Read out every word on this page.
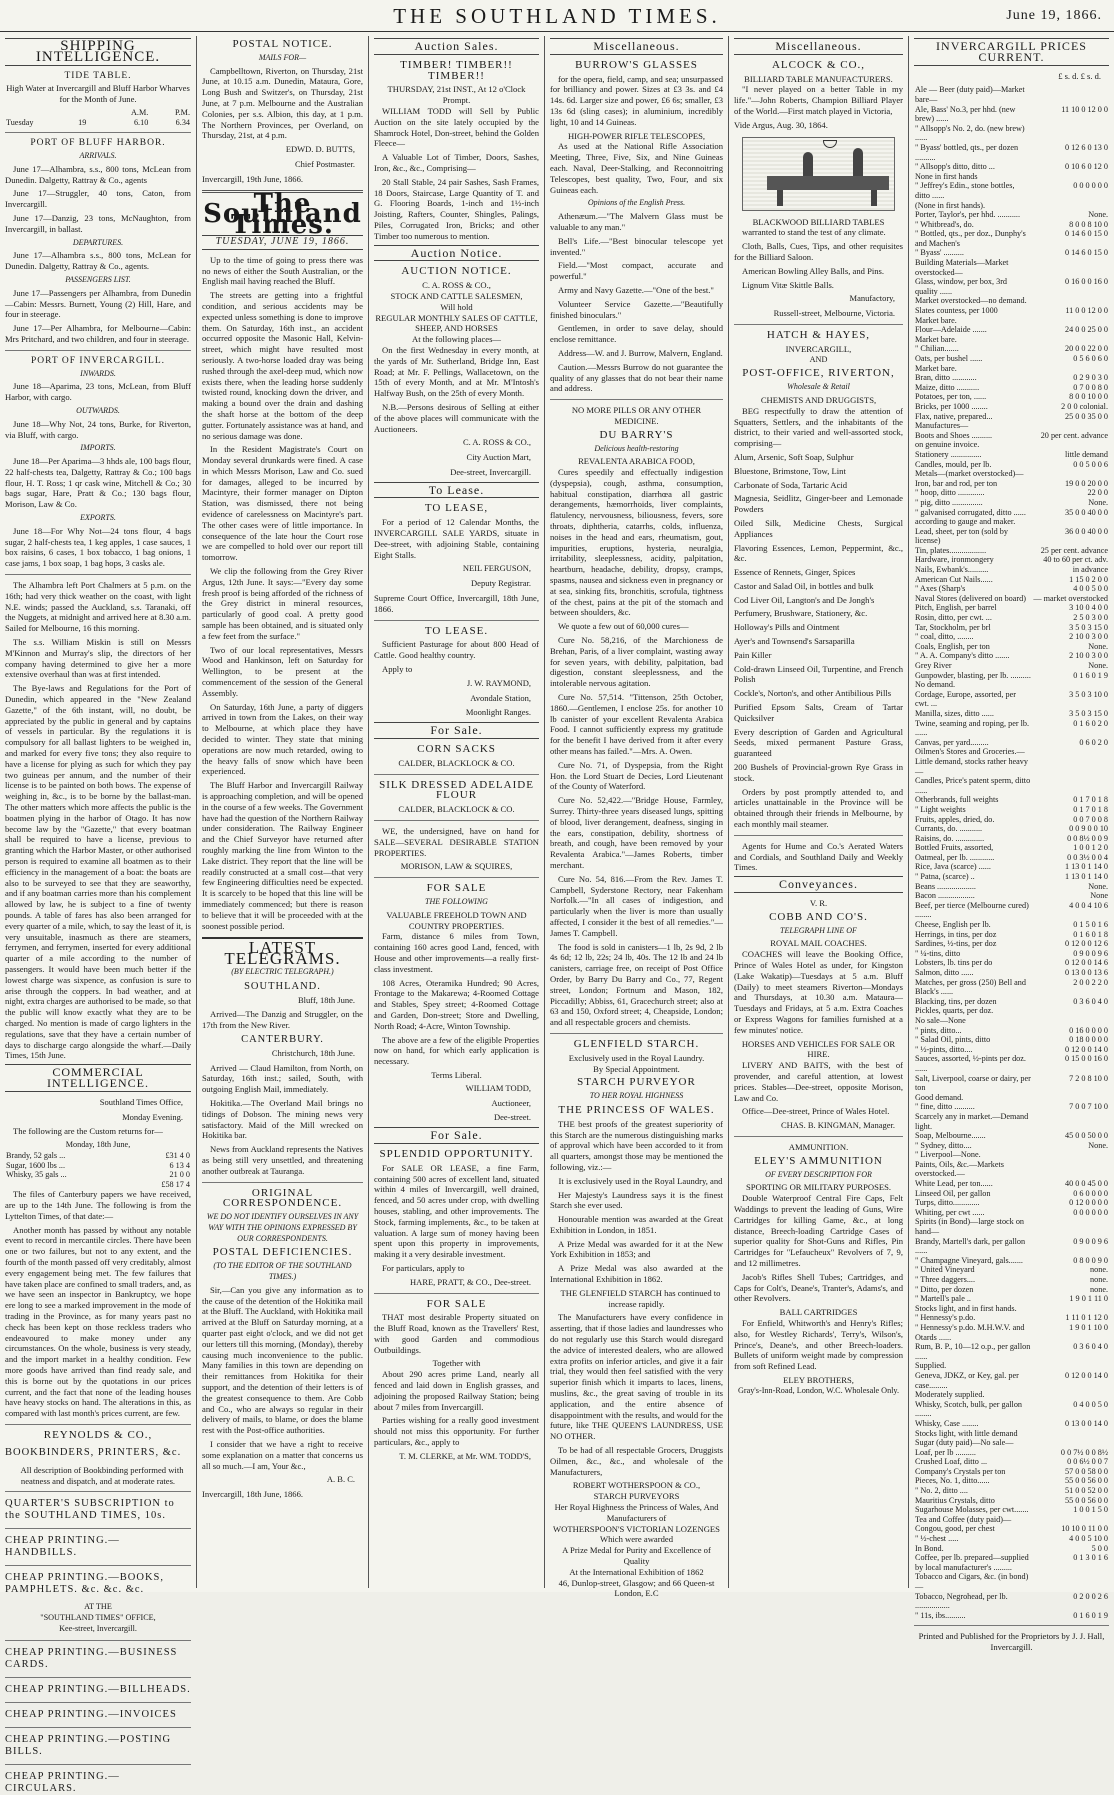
THE SOUTHLAND TIMES.	June 19, 1866.
SHIPPING INTELLIGENCE.
TIDE TABLE.

High Water at Invercargill and Bluff Harbor Wharves for the Month of June.

		A.M.	P.M.
Tuesday	19	6.10	6.34
PORT OF BLUFF HARBOR.
ARRIVALS.

June 17—Alhambra, s.s., 800 tons, McLean from Dunedin. Dalgetty, Rattray & Co., agents

June 17—Struggler, 40 tons, Caton, from Invercargill.

June 17—Danzig, 23 tons, McNaughton, from Invercargill, in ballast.

DEPARTURES.

June 17—Alhambra s.s., 800 tons, McLean for Dunedin. Dalgetty, Rattray & Co., agents.

PASSENGERS LIST.

June 17—Passengers per Alhambra, from Dunedin—Cabin: Messrs. Burnett, Young (2) Hill, Hare, and four in steerage.

June 17—Per Alhambra, for Melbourne—Cabin: Mrs Pritchard, and two children, and four in steerage.

PORT OF INVERCARGILL.
INWARDS.

June 18—Aparima, 23 tons, McLean, from Bluff Harbor, with cargo.

OUTWARDS.

June 18—Why Not, 24 tons, Burke, for Riverton, via Bluff, with cargo.

IMPORTS.

June 18—Per Aparima—3 hhds ale, 100 bags flour, 22 half-chests tea, Dalgetty, Rattray & Co.; 100 bags flour, H. T. Ross; 1 qr cask wine, Mitchell & Co.; 30 bags sugar, Hare, Pratt & Co.; 130 bags flour, Morison, Law & Co.

EXPORTS.

June 18—For Why Not—24 tons flour, 4 bags sugar, 2 half-chests tea, 1 keg apples, 1 case sauces, 1 box raisins, 6 cases, 1 box tobacco, 1 bag onions, 1 case jams, 1 box soap, 1 bag hops, 3 casks ale.

The Alhambra left Port Chalmers at 5 p.m. on the 16th; had very thick weather on the coast, with light N.E. winds; passed the Auckland, s.s. Taranaki, off the Nuggets, at midnight and arrived here at 8.30 a.m. Sailed for Melbourne, 16 this morning.

The s.s. William Miskin is still on Messrs M'Kinnon and Murray's slip, the directors of her company having determined to give her a more extensive overhaul than was at first intended.

The Bye-laws and Regulations for the Port of Dunedin, which appeared in the "New Zealand Gazette," of the 6th instant, will, no doubt, be appreciated by the public in general and by captains of vessels in particular. By the regulations it is compulsory for all ballast lighters to be weighed in, and marked for every five tons; they also require to have a license for plying as such for which they pay two guineas per annum, and the number of their license is to be painted on both bows. The expense of weighing in, &c., is to be borne by the ballast-man. The other matters which more affects the public is the boatmen plying in the harbor of Otago. It has now become law by the "Gazette," that every boatman shall be required to have a license, previous to granting which the Harbor Master, or other authorised person is required to examine all boatmen as to their efficiency in the management of a boat: the boats are also to be surveyed to see that they are seaworthy, and if any boatman carries more than his complement allowed by law, he is subject to a fine of twenty pounds. A table of fares has also been arranged for every quarter of a mile, which, to say the least of it, is very unsuitable, inasmuch as there are steamers, ferrymen, and ferrymen, inserted for every additional quarter of a mile according to the number of passengers. It would have been much better if the lowest charge was sixpence, as confusion is sure to arise through the coppers. In bad weather, and at night, extra charges are authorised to be made, so that the public will know exactly what they are to be charged. No mention is made of cargo lighters in the regulations, save that they have a certain number of days to discharge cargo alongside the wharf.—Daily Times, 15th June.

COMMERCIAL INTELLIGENCE.
Southland Times Office,
Monday Evening.

The following are the Custom returns for—

Monday, 18th June,
Brandy, 52 gals ...	£31 4 0
Sugar, 1600 lbs ...	6 13 4
Whisky, 35 gals ...	21 0 0
	£58 17 4

The files of Canterbury papers we have received, are up to the 14th June. The following is from the Lyttelton Times, of that date:—

Another month has passed by without any notable event to record in mercantile circles. There have been one or two failures, but not to any extent, and the fourth of the month passed off very creditably, almost every engagement being met. The few failures that have taken place are confined to small traders, and, as we have seen an inspector in Bankruptcy, we hope ere long to see a marked improvement in the mode of trading in the Province, as for many years past no check has been kept on those reckless traders who endeavoured to make money under any circumstances. On the whole, business is very steady, and the import market in a healthy condition. Few more goods have arrived than find ready sale, and this is borne out by the quotations in our prices current, and the fact that none of the leading houses have heavy stocks on hand. The alterations in this, as compared with last month's prices current, are few.

REYNOLDS & CO.,
BOOKBINDERS, PRINTERS, &c.

All description of Bookbinding performed with neatness and dispatch, and at moderate rates.

QUARTER'S SUBSCRIPTION to the SOUTHLAND TIMES, 10s.
CHEAP PRINTING.—HANDBILLS.
CHEAP PRINTING.—BOOKS, PAMPHLETS. &c. &c. &c.
AT THE
"SOUTHLAND TIMES" OFFICE,
Kee-street, Invercargill.
CHEAP PRINTING.—BUSINESS CARDS.
CHEAP PRINTING.—BILLHEADS.
CHEAP PRINTING.—INVOICES
CHEAP PRINTING.—POSTING BILLS.
CHEAP PRINTING.—CIRCULARS.
POSTAL NOTICE.
MAILS FOR—

Campbelltown, Riverton, on Thursday, 21st June, at 10.15 a.m. Dunedin, Mataura, Gore, Long Bush and Switzer's, on Thursday, 21st June, at 7 p.m. Melbourne and the Australian Colonies, per s.s. Albion, this day, at 1 p.m. The Northern Provinces, per Overland, on Thursday, 21st, at 4 p.m.

EDWD. D. BUTTS,
Chief Postmaster.

Invercargill, 19th June, 1866.

The Southland Times.
TUESDAY, JUNE 19, 1866.

Up to the time of going to press there was no news of either the South Australian, or the English mail having reached the Bluff.

The streets are getting into a frightful condition, and serious accidents may be expected unless something is done to improve them. On Saturday, 16th inst., an accident occurred opposite the Masonic Hall, Kelvin-street, which might have resulted most seriously. A two-horse loaded dray was being rushed through the axel-deep mud, which now exists there, when the leading horse suddenly twisted round, knocking down the driver, and making a bound over the drain and dashing the shaft horse at the bottom of the deep gutter. Fortunately assistance was at hand, and no serious damage was done.

In the Resident Magistrate's Court on Monday several drunkards were fined. A case in which Messrs Morison, Law and Co. sued for damages, alleged to be incurred by Macintyre, their former manager on Dipton Station, was dismissed, there not being evidence of carelessness on Macintyre's part. The other cases were of little importance. In consequence of the late hour the Court rose we are compelled to hold over our report till tomorrow.

We clip the following from the Grey River Argus, 12th June. It says:—"Every day some fresh proof is being afforded of the richness of the Grey district in mineral resources, particularly of good coal. A pretty good sample has been obtained, and is situated only a few feet from the surface."

Two of our local representatives, Messrs Wood and Hankinson, left on Saturday for Wellington, to be present at the commencement of the session of the General Assembly.

On Saturday, 16th June, a party of diggers arrived in town from the Lakes, on their way to Melbourne, at which place they have decided to winter. They state that mining operations are now much retarded, owing to the heavy falls of snow which have been experienced.

The Bluff Harbor and Invercargill Railway is approaching completion, and will be opened in the course of a few weeks. The Government have had the question of the Northern Railway under consideration. The Railway Engineer and the Chief Surveyor have returned after roughly marking the line from Winton to the Lake district. They report that the line will be readily constructed at a small cost—that very few Engineering difficulties need be expected. It is scarcely to be hoped that this line will be immediately commenced; but there is reason to believe that it will be proceeded with at the soonest possible period.

LATEST TELEGRAMS.
(BY ELECTRIC TELEGRAPH.)
SOUTHLAND.
Bluff, 18th June.

Arrived—The Danzig and Struggler, on the 17th from the New River.

CANTERBURY.
Christchurch, 18th June.

Arrived — Claud Hamilton, from North, on Saturday, 16th inst.; sailed, South, with outgoing English Mail, immediately.

Hokitika.—The Overland Mail brings no tidings of Dobson. The mining news very satisfactory. Maid of the Mill wrecked on Hokitika bar.

News from Auckland represents the Natives as being still very unsettled, and threatening another outbreak at Tauranga.

ORIGINAL CORRESPONDENCE.
WE DO NOT IDENTIFY OURSELVES IN ANY WAY WITH THE OPINIONS EXPRESSED BY OUR CORRESPONDENTS.
POSTAL DEFICIENCIES.
(TO THE EDITOR OF THE SOUTHLAND TIMES.)

Sir,—Can you give any information as to the cause of the detention of the Hokitika mail at the Bluff. The Auckland, with Hokitika mail arrived at the Bluff on Saturday morning, at a quarter past eight o'clock, and we did not get our letters till this morning, (Monday), thereby causing much inconvenience to the public. Many families in this town are depending on their remittances from Hokitika for their support, and the detention of their letters is of the greatest consequence to them. Are Cobb and Co., who are always so regular in their delivery of mails, to blame, or does the blame rest with the Post-office authorities.

I consider that we have a right to receive some explanation on a matter that concerns us all so much.—I am, Your &c.,

A. B. C.

Invercargill, 18th June, 1866.

Auction Sales.
TIMBER! TIMBER!! TIMBER!!
THURSDAY, 21st INST., At 12 o'Clock Prompt.

WILLIAM TODD will Sell by Public Auction on the site lately occupied by the Shamrock Hotel, Don-street, behind the Golden Fleece—

A Valuable Lot of Timber, Doors, Sashes, Iron, &c., &c., Comprising—

20 Stall Stable, 24 pair Sashes, Sash Frames, 18 Doors, Staircase, Large Quantity of T. and G. Flooring Boards, 1-inch and 1½-inch Joisting, Rafters, Counter, Shingles, Palings, Piles, Corrugated Iron, Bricks; and other Timber too numerous to mention.

Auction Notice.
AUCTION NOTICE.
C. A. ROSS & CO.,
STOCK AND CATTLE SALESMEN,
Will hold
REGULAR MONTHLY SALES OF CATTLE, SHEEP, AND HORSES
At the following places—

On the first Wednesday in every month, at the yards of Mr. Sutherland, Bridge Inn, East Road; at Mr. F. Pellings, Wallacetown, on the 15th of every Month, and at Mr. M'Intosh's Halfway Bush, on the 25th of every Month.

N.B.—Persons desirous of Selling at either of the above places will communicate with the Auctioneers.

C. A. ROSS & CO.,
City Auction Mart,
Dee-street, Invercargill.
To Lease.
TO LEASE,

For a period of 12 Calendar Months, the INVERCARGILL SALE YARDS, situate in Dee-street, with adjoining Stable, containing Eight Stalls.

NEIL FERGUSON,
Deputy Registrar.

Supreme Court Office, Invercargill, 18th June, 1866.

TO LEASE.

Sufficient Pasturage for about 800 Head of Cattle. Good healthy country.

Apply to

J. W. RAYMOND,
Avondale Station,
Moonlight Ranges.
For Sale.
CORN SACKS
CALDER, BLACKLOCK & CO.
SILK DRESSED ADELAIDE FLOUR
CALDER, BLACKLOCK & CO.

WE, the undersigned, have on hand for SALE—SEVERAL DESIRABLE STATION PROPERTIES.

MORISON, LAW & SQUIRES,
FOR SALE
THE FOLLOWING
VALUABLE FREEHOLD TOWN AND COUNTRY PROPERTIES.

Farm, distance 6 miles from Town, containing 160 acres good Land, fenced, with House and other improvements—a really first-class investment.

108 Acres, Oteramika Hundred; 90 Acres, Frontage to the Makarewa; 4-Roomed Cottage and Stables, Spey street; 4-Roomed Cottage and Garden, Don-street; Store and Dwelling, North Road; 4-Acre, Winton Township.

The above are a few of the eligible Properties now on hand, for which early application is necessary.

Terms Liberal.
WILLIAM TODD,
Auctioneer,
Dee-street.
For Sale.
SPLENDID OPPORTUNITY.

For SALE OR LEASE, a fine Farm, containing 500 acres of excellent land, situated within 4 miles of Invercargill, well drained, fenced, and 50 acres under crop, with dwelling houses, stabling, and other improvements. The Stock, farming implements, &c., to be taken at valuation. A large sum of money having been spent upon this property in improvements, making it a very desirable investment.

For particulars, apply to

HARE, PRATT, & CO., Dee-street.
FOR SALE

THAT most desirable Property situated on the Bluff Road, known as the Travellers' Rest, with good Garden and commodious Outbuildings.

Together with

About 290 acres prime Land, nearly all fenced and laid down in English grasses, and adjoining the proposed Railway Station; being about 7 miles from Invercargill.

Parties wishing for a really good investment should not miss this opportunity. For further particulars, &c., apply to

T. M. CLERKE, at Mr. WM. TODD'S,
Miscellaneous.
BURROW'S GLASSES

for the opera, field, camp, and sea; unsurpassed for brilliancy and power. Sizes at £3 3s. and £4 14s. 6d. Larger size and power, £6 6s; smaller, £3 13s 6d (sling cases); in aluminium, incredibly light, 10 and 14 Guineas.

HIGH-POWER RIFLE TELESCOPES,

As used at the National Rifle Association Meeting, Three, Five, Six, and Nine Guineas each. Naval, Deer-Stalking, and Reconnoitring Telescopes, best quality, Two, Four, and six Guineas each.

Opinions of the English Press.

Athenæum.—"The Malvern Glass must be valuable to any man."

Bell's Life.—"Best binocular telescope yet invented."

Field.—"Most compact, accurate and powerful."

Army and Navy Gazette.—"One of the best."

Volunteer Service Gazette.—"Beautifully finished binoculars."

Gentlemen, in order to save delay, should enclose remittance.

Address—W. and J. Burrow, Malvern, England.

Caution.—Messrs Burrow do not guarantee the quality of any glasses that do not bear their name and address.

NO MORE PILLS OR ANY OTHER MEDICINE.
DU BARRY'S
Delicious health-restoring
REVALENTA ARABICA FOOD,

Cures speedily and effectually indigestion (dyspepsia), cough, asthma, consumption, habitual constipation, diarrhœa all gastric derangements, hæmorrhoids, liver complaints, flatulency, nervousness, biliousness, fevers, sore throats, diphtheria, catarrhs, colds, influenza, noises in the head and ears, rheumatism, gout, impurities, eruptions, hysteria, neuralgia, irritability, sleeplessness, acidity, palpitation, heartburn, headache, debility, dropsy, cramps, spasms, nausea and sickness even in pregnancy or at sea, sinking fits, bronchitis, scrofula, tightness of the chest, pains at the pit of the stomach and between shoulders, &c.

We quote a few out of 60,000 cures—

Cure No. 58,216, of the Marchioness de Brehan, Paris, of a liver complaint, wasting away for seven years, with debility, palpitation, bad digestion, constant sleeplessness, and the intolerable nervous agitation.

Cure No. 57,514. "Tittenson, 25th October, 1860.—Gentlemen, I enclose 25s. for another 10 lb canister of your excellent Revalenta Arabica Food. I cannot sufficiently express my gratitude for the benefit I have derived from it after every other means has failed."—Mrs. A. Owen.

Cure No. 71, of Dyspepsia, from the Right Hon. the Lord Stuart de Decies, Lord Lieutenant of the County of Waterford.

Cure No. 52,422.—"Bridge House, Farmley, Surrey. Thirty-three years diseased lungs, spitting of blood, liver derangement, deafness, singing in the ears, constipation, debility, shortness of breath, and cough, have been removed by your Revalenta Arabica."—James Roberts, timber merchant.

Cure No. 54, 816.—From the Rev. James T. Campbell, Syderstone Rectory, near Fakenham Norfolk.—"In all cases of indigestion, and particularly when the liver is more than usually affected, I consider it the best of all remedies."—James T. Campbell.

The food is sold in canisters—1 lb, 2s 9d, 2 lb 4s 6d; 12 lb, 22s; 24 lb, 40s. The 12 lb and 24 lb canisters, carriage free, on receipt of Post Office Order, by Barry Du Barry and Co., 77, Regent street, London; Fortnum and Mason, 182, Piccadilly; Abbiss, 61, Gracechurch street; also at 63 and 150, Oxford street; 4, Cheapside, London; and all respectable grocers and chemists.

GLENFIELD STARCH.
Exclusively used in the Royal Laundry.
By Special Appointment.
STARCH PURVEYOR
TO HER ROYAL HIGHNESS
THE PRINCESS OF WALES.

THE best proofs of the greatest superiority of this Starch are the numerous distinguishing marks of approval which have been accorded to it from all quarters, amongst those may be mentioned the following, viz.:—

It is exclusively used in the Royal Laundry, and

Her Majesty's Laundress says it is the finest Starch she ever used.

Honourable mention was awarded at the Great Exhibition in London, in 1851.

A Prize Medal was awarded for it at the New York Exhibition in 1853; and

A Prize Medal was also awarded at the International Exhibition in 1862.

THE GLENFIELD STARCH has continued to increase rapidly.

The Manufacturers have every confidence in asserting, that if those ladies and laundresses who do not regularly use this Starch would disregard the advice of interested dealers, who are allowed extra profits on inferior articles, and give it a fair trial, they would then feel satisfied with the very superior finish which it imparts to laces, linens, muslins, &c., the great saving of trouble in its application, and the entire absence of disappointment with the results, and would for the future, like THE QUEEN'S LAUNDRESS, USE NO OTHER.

To be had of all respectable Grocers, Druggists Oilmen, &c., &c., and wholesale of the Manufacturers,

ROBERT WOTHERSPOON & CO.,
STARCH PURVEYORS
Her Royal Highness the Princess of Wales, And Manufacturers of
WOTHERSPOON'S VICTORIAN LOZENGES
Which were awarded
A Prize Medal for Purity and Excellence of Quality
At the International Exhibition of 1862
46, Dunlop-street, Glasgow; and 66 Queen-st London, E.C
Miscellaneous.
ALCOCK & CO.,
BILLIARD TABLE MANUFACTURERS.

"I never played on a better Table in my life."—John Roberts, Champion Billiard Player of the World.—First match played in Victoria,

Vide Argus, Aug. 30, 1864.

BLACKWOOD BILLIARD TABLES

warranted to stand the test of any climate.

Cloth, Balls, Cues, Tips, and other requisites for the Billiard Saloon.

American Bowling Alley Balls, and Pins.

Lignum Vitæ Skittle Balls.

Manufactory,
Russell-street, Melbourne, Victoria.
HATCH & HAYES,
INVERCARGILL,
AND
POST-OFFICE, RIVERTON,
Wholesale & Retail
CHEMISTS AND DRUGGISTS,

BEG respectfully to draw the attention of Squatters, Settlers, and the inhabitants of the district, to their varied and well-assorted stock, comprising—

Alum, Arsenic, Soft Soap, Sulphur

Bluestone, Brimstone, Tow, Lint

Carbonate of Soda, Tartaric Acid

Magnesia, Seidlitz, Ginger-beer and Lemonade Powders

Oiled Silk, Medicine Chests, Surgical Appliances

Flavoring Essences, Lemon, Peppermint, &c., &c.

Essence of Rennets, Ginger, Spices

Castor and Salad Oil, in bottles and bulk

Cod Liver Oil, Langton's and De Jongh's

Perfumery, Brushware, Stationery, &c.

Holloway's Pills and Ointment

Ayer's and Townsend's Sarsaparilla

Pain Killer

Cold-drawn Linseed Oil, Turpentine, and French Polish

Cockle's, Norton's, and other Antibilious Pills

Purified Epsom Salts, Cream of Tartar Quicksilver

Every description of Garden and Agricultural Seeds, mixed permanent Pasture Grass, guaranteed

200 Bushels of Provincial-grown Rye Grass in stock.

Orders by post promptly attended to, and articles unattainable in the Province will be obtained through their friends in Melbourne, by each monthly mail steamer.

Agents for Hume and Co.'s Aerated Waters and Cordials, and Southland Daily and Weekly Times.

Conveyances.
V. R.
COBB AND CO'S.
TELEGRAPH LINE OF
ROYAL MAIL COACHES.

COACHES will leave the Booking Office, Prince of Wales Hotel as under, for Kingston (Lake Wakatip)—Tuesdays at 5 a.m. Bluff (Daily) to meet steamers Riverton—Mondays and Thursdays, at 10.30 a.m. Mataura—Tuesdays and Fridays, at 5 a.m. Extra Coaches or Express Wagons for families furnished at a few minutes' notice.

HORSES AND VEHICLES FOR SALE OR HIRE.

LIVERY AND BAITS, with the best of provender, and careful attention, at lowest prices. Stables—Dee-street, opposite Morison, Law and Co.

Office—Dee-street, Prince of Wales Hotel.

CHAS. B. KINGMAN, Manager.
AMMUNITION.
ELEY'S AMMUNITION
OF EVERY DESCRIPTION FOR
SPORTING OR MILITARY PURPOSES.

Double Waterproof Central Fire Caps, Felt Waddings to prevent the leading of Guns, Wire Cartridges for killing Game, &c., at long distance, Breech-loading Cartridge Cases of superior quality for Shot-Guns and Rifles, Pin Cartridges for "Lefaucheux" Revolvers of 7, 9, and 12 millimetres.

Jacob's Rifles Shell Tubes; Cartridges, and Caps for Colt's, Deane's, Tranter's, Adams's, and other Revolvers.

BALL CARTRIDGES

For Enfield, Whitworth's and Henry's Rifles; also, for Westley Richards', Terry's, Wilson's, Prince's, Deane's, and other Breech-loaders. Bullets of uniform weight made by compression from soft Refined Lead.

ELEY BROTHERS,
Gray's-Inn-Road, London, W.C. Wholesale Only.
INVERCARGILL PRICES CURRENT.
£ s. d. £ s. d.
Ale — Beer (duty paid)—Market bare—	
Ale, Bass' No.3, per hhd. (new brew) ......	11 10 0 12 0 0
" Allsopp's No. 2, do. (new brew) ......	
" Byass' bottled, qts., per dozen ..........	0 12 6 0 13 0
" Allsopp's ditto, ditto ...	0 10 6 0 12 0
None in first hands	
" Jeffrey's Edin., stone bottles, ditto ......	0 0 0 0 0 0
(None in first hands).	
Porter, Taylor's, per hhd. ...........	None.
" Whitbread's, do.	8 0 0 8 10 0
" Bottled, qts., per doz., Dunphy's and Machen's	0 14 6 0 15 0
" Byass' ..........	0 14 6 0 15 0
Building Materials—Market overstocked—	
Glass, window, per box, 3rd quality ......	0 16 0 0 16 0
Market overstocked—no demand.	
Slates countess, per 1000	11 0 0 12 0 0
Market bare.	
Flour—Adelaide .......	24 0 0 25 0 0
Market bare.	
" Chilian.......	20 0 0 22 0 0
Oats, per bushel ......	0 5 6 0 6 0
Market bare.	
Bran, ditto ............	0 2 9 0 3 0
Maize, ditto ...........	0 7 0 0 8 0
Potatoes, per ton, ......	8 0 0 10 0 0
Bricks, per 1000 ........	2 0 0 colonial.
Flax, native, prepared...	25 0 0 35 0 0
Manufactures—	
Boots and Shoes ..........	20 per cent. advance
on genuine invoice.	
Stationery ...............	little demand
Candles, mould, per lb.	0 0 5 0 0 6
Metals—(market overstocked)—	
Iron, bar and rod, per ton	19 0 0 20 0 0
" hoop, ditto .............	22 0 0
" pig, ditto ...............	None.
" galvanised corrugated, ditto ......	35 0 0 40 0 0
according to gauge and maker.	
Lead, sheet, per ton (sold by license)	36 0 0 40 0 0
Tin, plates..................	25 per cent. advance
Hardware, ironmongery	40 to 60 per ct. adv.
Nails, Ewbank's..........	in advance
American Cut Nails......	1 15 0 2 0 0
" Axes (Sharp's	4 0 0 5 0 0
Naval Stores (delivered on board)	— market overstocked
Pitch, English, per barrel	3 10 0 4 0 0
Rosin, ditto, per cwt. ...	2 5 0 3 0 0
Tar, Stockholm, per brl	3 5 0 3 15 0
" coal, ditto, ........	2 10 0 3 0 0
Coals, English, per ton	None.
" A. A. Company's ditto .......	2 10 0 3 0 0
Grey River	None.
Gunpowder, blasting, per lb. ..........	0 1 6 0 1 9
No demand.	
Cordage, Europe, assorted, per cwt. ...	3 5 0 3 10 0
Manilla, sizes, ditto ......	3 5 0 3 15 0
Twine, seaming and roping, per lb. ......	0 1 6 0 2 0
Canvas, per yard.........	0 6 0 2 0
Oilmen's Stores and Groceries.—Little demand, stocks rather heavy—	
Candles, Price's patent sperm, ditto ......	
Otherbrands, full weights	0 1 7 0 1 8
" Light weights	0 1 7 0 1 8
Fruits, apples, dried, do.	0 0 7 0 0 8
Currants, do. ...........	0 0 9 0 0 10
Raisins, do. ..............	0 0 8½ 0 0 9
Bottled Fruits, assorted,	1 0 0 1 2 0
Oatmeal, per lb. ............	0 0 3½ 0 0 4
Rice, Java (scarce) ......	1 13 0 1 14 0
" Patna, (scarce) ..	1 13 0 1 14 0
Beans ...................	None.
Bacon ..................	None
Beef, per tierce (Melbourne cured) ........	4 0 0 4 10 6
Cheese, English per lb.	0 1 5 0 1 6
Herrings, in tins, per doz	0 1 6 0 1 8
Sardines, ½-tins, per doz	0 12 0 0 12 6
" ¼-tins, ditto	0 9 0 0 9 6
Lobsters, lb. tins per do	0 12 0 0 14 6
Salmon, ditto ......	0 13 0 0 13 6
Matches, per gross (250) Bell and Black's ......	2 0 0 2 2 0
Blacking, tins, per dozen	0 3 6 0 4 0
Pickles, quarts, per doz.	
No sale—None	
" pints, ditto...	0 16 0 0 0 0
" Salad Oil, pints, ditto	0 18 0 0 0 0
" ½-pints, ditto....	0 12 0 0 14 0
Sauces, assorted, ½-pints per doz. ......	0 15 0 0 16 0
Salt, Liverpool, coarse or dairy, per ton	7 2 0 8 10 0
Good demand.	
" fine, ditto ..........	7 0 0 7 10 0
Scarcely any in market.—Demand light.	
Soap, Melbourne.......	45 0 0 50 0 0
" Sydney, ditto....	None.
" Liverpool—None.	
Paints, Oils, &c.—Markets overstocked.—	
White Lead, per ton......	40 0 0 45 0 0
Linseed Oil, per gallon	0 6 0 0 0 0
Turps, ditto.............	0 12 0 0 0 0
Whiting, per cwt ......	0 0 0 0 0 0
Spirits (in Bond)—large stock on hand—	
Brandy, Martell's dark, per gallon ......	0 9 0 0 9 6
" Champagne Vineyard, gals.......	0 8 0 0 9 0
" United Vineyard	none.
" Three daggers....	none.
" Ditto, per dozen	none.
" Martell's pale ..	1 9 0 1 11 0
Stocks light, and in first hands.	
" Hennessy's p.do.	1 11 0 1 12 0
" Hennessy's p.do. M.H.W.V. and Otards ......	1 9 0 1 10 0
Rum, B. P., 10—12 o.p., per gallon ......	0 3 6 0 4 0
Supplied.	
Geneva, JDKZ, or Key, gal. per case.........	0 12 0 0 14 0
Moderately supplied.	
Whisky, Scotch, bulk, per gallon ........	0 4 0 0 5 0
Whisky, Case ........	0 13 0 0 14 0
Stocks light, with little demand	
Sugar (duty paid)—No sale—	
Loaf, per lb ..........	0 0 7½ 0 0 8½
Crushed Loaf, ditto ...	0 0 6½ 0 0 7
Company's Crystals per ton	57 0 0 58 0 0
Pieces, No. 1, ditto......	55 0 0 56 0 0
" No. 2, ditto ....	51 0 0 52 0 0
Mauritius Crystals, ditto	55 0 0 56 0 0
Sugarhouse Molasses, per cwt.......	1 0 0 1 5 0
Tea and Coffee (duty paid)—	
Congou, good, per chest	10 10 0 11 0 0
" ½-chest .....	4 0 0 5 10 0
In Bond.	5 0 0
Coffee, per lb. prepared—supplied by local manufacturer's .........	0 1 3 0 1 6
Tobacco and Cigars, &c. (in bond)—	
Tobacco, Negrohead, per lb. .................	0 2 0 0 2 6
" 11s, ibs..........	0 1 6 0 1 9

Printed and Published for the Proprietors by J. J. Hall, Invercargill.
